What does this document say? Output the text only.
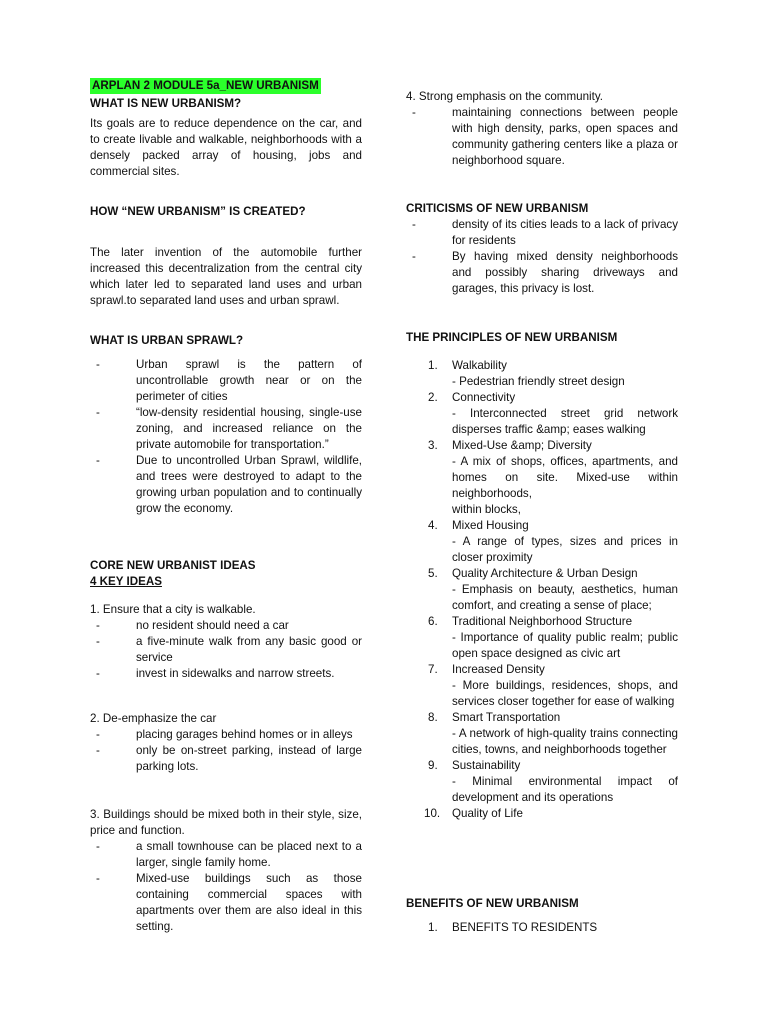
ARPLAN 2 MODULE 5a_NEW URBANISM

WHAT IS NEW URBANISM?

Its goals are to reduce dependence on the car, and to create livable and walkable, neighborhoods with a densely packed array of housing, jobs and commercial sites.

HOW “NEW URBANISM” IS CREATED?

The later invention of the automobile further increased this decentralization from the central city which later led to separated land uses and urban sprawl.to separated land uses and urban sprawl.

WHAT IS URBAN SPRAWL?

-	Urban sprawl is the pattern of uncontrollable growth near or on the perimeter of cities
-	“low-density residential housing, single-use zoning, and increased reliance on the private automobile for transportation.”
-	Due to uncontrolled Urban Sprawl, wildlife, and trees were destroyed to adapt to the growing urban population and to continually grow the economy.

CORE NEW URBANIST IDEAS

4 KEY IDEAS

1. Ensure that a city is walkable.

-	no resident should need a car
-	a five-minute walk from any basic good or service
-	invest in sidewalks and narrow streets.

2. De-emphasize the car

-	placing garages behind homes or in alleys
-	only be on-street parking, instead of large parking lots.

3. Buildings should be mixed both in their style, size, price and function.

-	a small townhouse can be placed next to a larger, single family home.
-	Mixed-use buildings such as those containing commercial spaces with apartments over them are also ideal in this setting.

4. Strong emphasis on the community.

-	maintaining connections between people with high density, parks, open spaces and community gathering centers like a plaza or neighborhood square.

CRITICISMS OF NEW URBANISM

-	density of its cities leads to a lack of privacy for residents
-	By having mixed density neighborhoods and possibly sharing driveways and garages, this privacy is lost.

THE PRINCIPLES OF NEW URBANISM

1. Walkability
- Pedestrian friendly street design
2. Connectivity
- Interconnected street grid network disperses traffic &amp; eases walking
3. Mixed-Use &amp; Diversity
- A mix of shops, offices, apartments, and homes on site. Mixed-use within neighborhoods,
within blocks,
4. Mixed Housing
- A range of types, sizes and prices in closer proximity
5. Quality Architecture & Urban Design
- Emphasis on beauty, aesthetics, human comfort, and creating a sense of place;
6. Traditional Neighborhood Structure
- Importance of quality public realm; public open space designed as civic art
7. Increased Density
- More buildings, residences, shops, and services closer together for ease of walking
8. Smart Transportation
- A network of high-quality trains connecting cities, towns, and neighborhoods together
9. Sustainability
- Minimal environmental impact of development and its operations
10. Quality of Life

BENEFITS OF NEW URBANISM

1. BENEFITS TO RESIDENTS
